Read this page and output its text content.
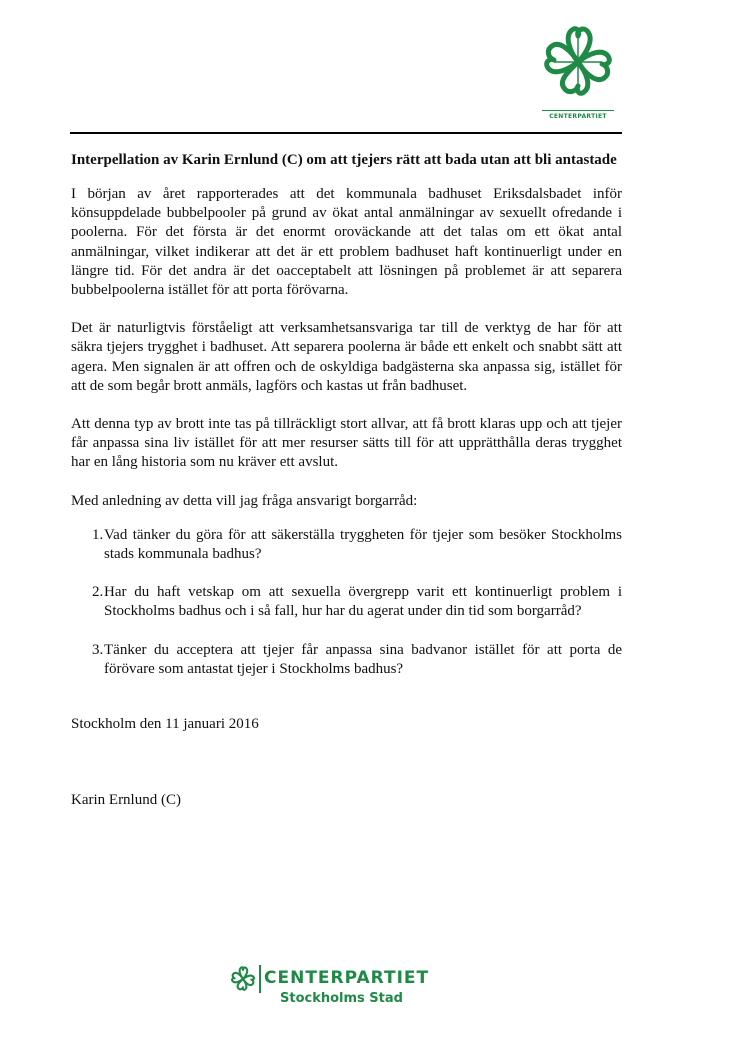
CENTERPARTIET
Interpellation av Karin Ernlund (C) om att tjejers rätt att bada utan att bli antastade

I början av året rapporterades att det kommunala badhuset Eriksdalsbadet inför könsuppdelade bubbelpooler på grund av ökat antal anmälningar av sexuellt ofredande i poolerna. För det första är det enormt oroväckande att det talas om ett ökat antal anmälningar, vilket indikerar att det är ett problem badhuset haft kontinuerligt under en längre tid. För det andra är det oacceptabelt att lösningen på problemet är att separera bubbelpoolerna istället för att porta förövarna.

Det är naturligtvis förståeligt att verksamhetsansvariga tar till de verktyg de har för att säkra tjejers trygghet i badhuset. Att separera poolerna är både ett enkelt och snabbt sätt att agera. Men signalen är att offren och de oskyldiga badgästerna ska anpassa sig, istället för att de som begår brott anmäls, lagförs och kastas ut från badhuset.

Att denna typ av brott inte tas på tillräckligt stort allvar, att få brott klaras upp och att tjejer får anpassa sina liv istället för att mer resurser sätts till för att upprätthålla deras trygghet har en lång historia som nu kräver ett avslut.

Med anledning av detta vill jag fråga ansvarigt borgarråd:

1. Vad tänker du göra för att säkerställa tryggheten för tjejer som besöker Stockholms stads kommunala badhus?
2. Har du haft vetskap om att sexuella övergrepp varit ett kontinuerligt problem i Stockholms badhus och i så fall, hur har du agerat under din tid som borgarråd?
3. Tänker du acceptera att tjejer får anpassa sina badvanor istället för att porta de förövare som antastat tjejer i Stockholms badhus?
Stockholm den 11 januari 2016
Karin Ernlund (C)
CENTERPARTIET
Stockholms Stad
